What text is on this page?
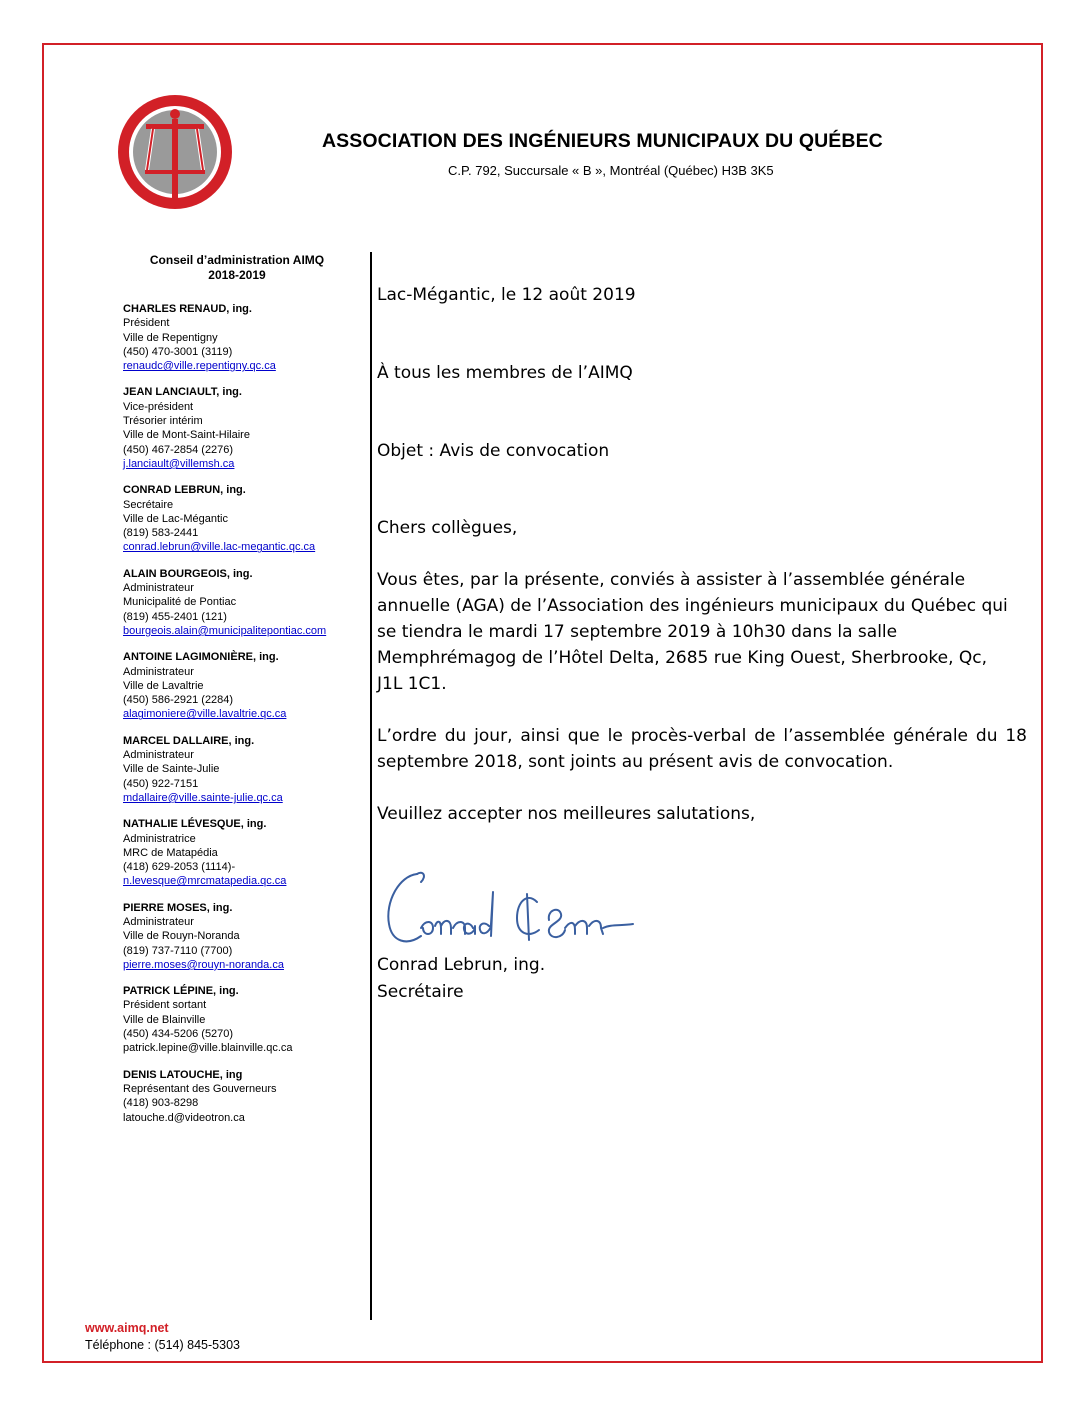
ASSOCIATION DES INGÉNIEURS MUNICIPAUX DU QUÉBEC
C.P. 792, Succursale « B », Montréal (Québec) H3B 3K5
Conseil d’administration AIMQ
2018-2019
CHARLES RENAUD, ing.
Président
Ville de Repentigny
(450) 470-3001 (3119)
renaudc@ville.repentigny.qc.ca
JEAN LANCIAULT, ing.
Vice-président
Trésorier intérim
Ville de Mont-Saint-Hilaire
(450) 467-2854 (2276)
j.lanciault@villemsh.ca
CONRAD LEBRUN, ing.
Secrétaire
Ville de Lac-Mégantic
(819) 583-2441
conrad.lebrun@ville.lac-megantic.qc.ca
ALAIN BOURGEOIS, ing.
Administrateur
Municipalité de Pontiac
(819) 455-2401 (121)
bourgeois.alain@municipalitepontiac.com
ANTOINE LAGIMONIÈRE, ing.
Administrateur
Ville de Lavaltrie
(450) 586-2921 (2284)
alagimoniere@ville.lavaltrie.qc.ca
MARCEL DALLAIRE, ing.
Administrateur
Ville de Sainte-Julie
(450) 922-7151
mdallaire@ville.sainte-julie.qc.ca
NATHALIE LÉVESQUE, ing.
Administratrice
MRC de Matapédia
(418) 629-2053 (1114)-
n.levesque@mrcmatapedia.qc.ca
PIERRE MOSES, ing.
Administrateur
Ville de Rouyn-Noranda
(819) 737-7110 (7700)
pierre.moses@rouyn-noranda.ca
PATRICK LÉPINE, ing.
Président sortant
Ville de Blainville
(450) 434-5206 (5270)
patrick.lepine@ville.blainville.qc.ca
DENIS LATOUCHE, ing
Représentant des Gouverneurs
(418) 903-8298
latouche.d@videotron.ca
www.aimq.net
Téléphone : (514) 845-5303

Lac-Mégantic, le 12 août 2019

À tous les membres de l’AIMQ

Objet : Avis de convocation

Chers collègues,

Vous êtes, par la présente, conviés à assister à l’assemblée générale
annuelle (AGA) de l’Association des ingénieurs municipaux du Québec qui
se tiendra le mardi 17 septembre 2019 à 10h30 dans la salle
Memphrémagog de l’Hôtel Delta, 2685 rue King Ouest, Sherbrooke, Qc,
J1L 1C1.

L’ordre du jour, ainsi que le procès-verbal de l’assemblée générale du 18 septembre 2018, sont joints au présent avis de convocation.

Veuillez accepter nos meilleures salutations,

Conrad Lebrun, ing.
Secrétaire
